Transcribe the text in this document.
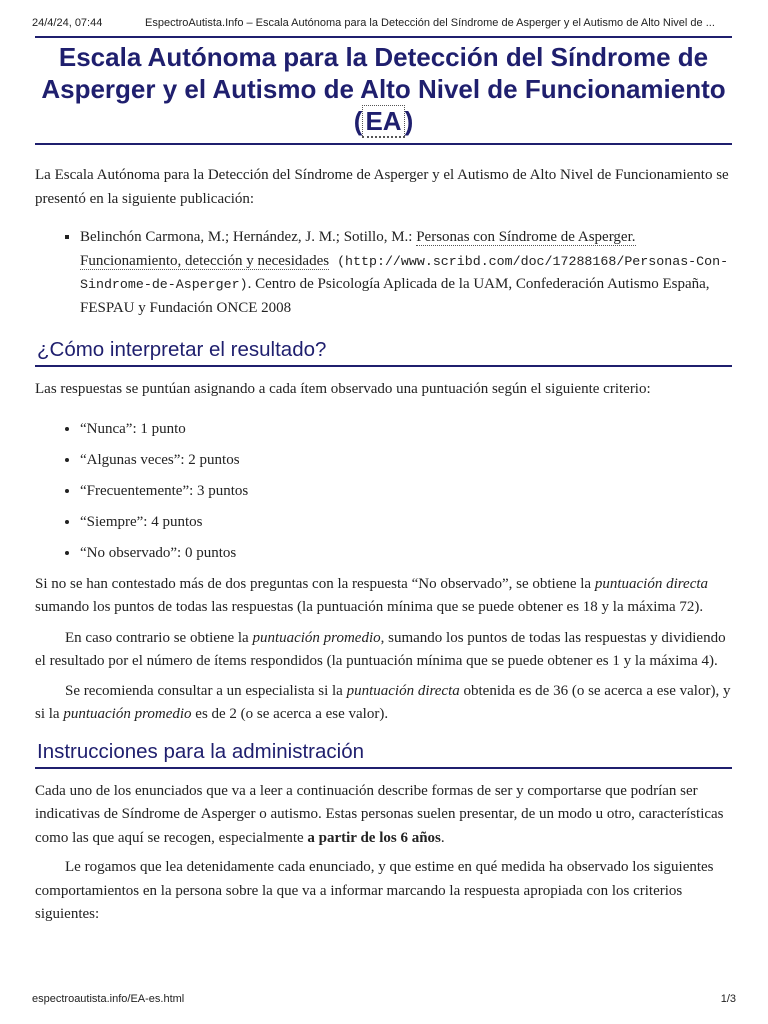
24/4/24, 07:44	EspectroAutista.Info – Escala Autónoma para la Detección del Síndrome de Asperger y el Autismo de Alto Nivel de ...
Escala Autónoma para la Detección del Síndrome de Asperger y el Autismo de Alto Nivel de Funcionamiento ( EA )

La Escala Autónoma para la Detección del Síndrome de Asperger y el Autismo de Alto Nivel de Funcionamiento se presentó en la siguiente publicación:

▪ Belinchón Carmona, M.; Hernández, J. M.; Sotillo, M.: Personas con Síndrome de Asperger. Funcionamiento, detección y necesidades (http://www.scribd.com/doc/17288168/Personas-Con-Sindrome-de-Asperger). Centro de Psicología Aplicada de la UAM, Confederación Autismo España, FESPAU y Fundación ONCE 2008
¿Cómo interpretar el resultado?

Las respuestas se puntúan asignando a cada ítem observado una puntuación según el siguiente criterio:

• “Nunca”: 1 punto
• “Algunas veces”: 2 puntos
• “Frecuentemente”: 3 puntos
• “Siempre”: 4 puntos
• “No observado”: 0 puntos

Si no se han contestado más de dos preguntas con la respuesta “No observado”, se obtiene la puntuación directa sumando los puntos de todas las respuestas (la puntuación mínima que se puede obtener es 18 y la máxima 72).

En caso contrario se obtiene la puntuación promedio, sumando los puntos de todas las respuestas y dividiendo el resultado por el número de ítems respondidos (la puntuación mínima que se puede obtener es 1 y la máxima 4).

Se recomienda consultar a un especialista si la puntuación directa obtenida es de 36 (o se acerca a ese valor), y si la puntuación promedio es de 2 (o se acerca a ese valor).

Instrucciones para la administración

Cada uno de los enunciados que va a leer a continuación describe formas de ser y comportarse que podrían ser indicativas de Síndrome de Asperger o autismo. Estas personas suelen presentar, de un modo u otro, características como las que aquí se recogen, especialmente a partir de los 6 años.

Le rogamos que lea detenidamente cada enunciado, y que estime en qué medida ha observado los siguientes comportamientos en la persona sobre la que va a informar marcando la respuesta apropiada con los criterios siguientes:

espectroautista.info/EA-es.html	1/3
